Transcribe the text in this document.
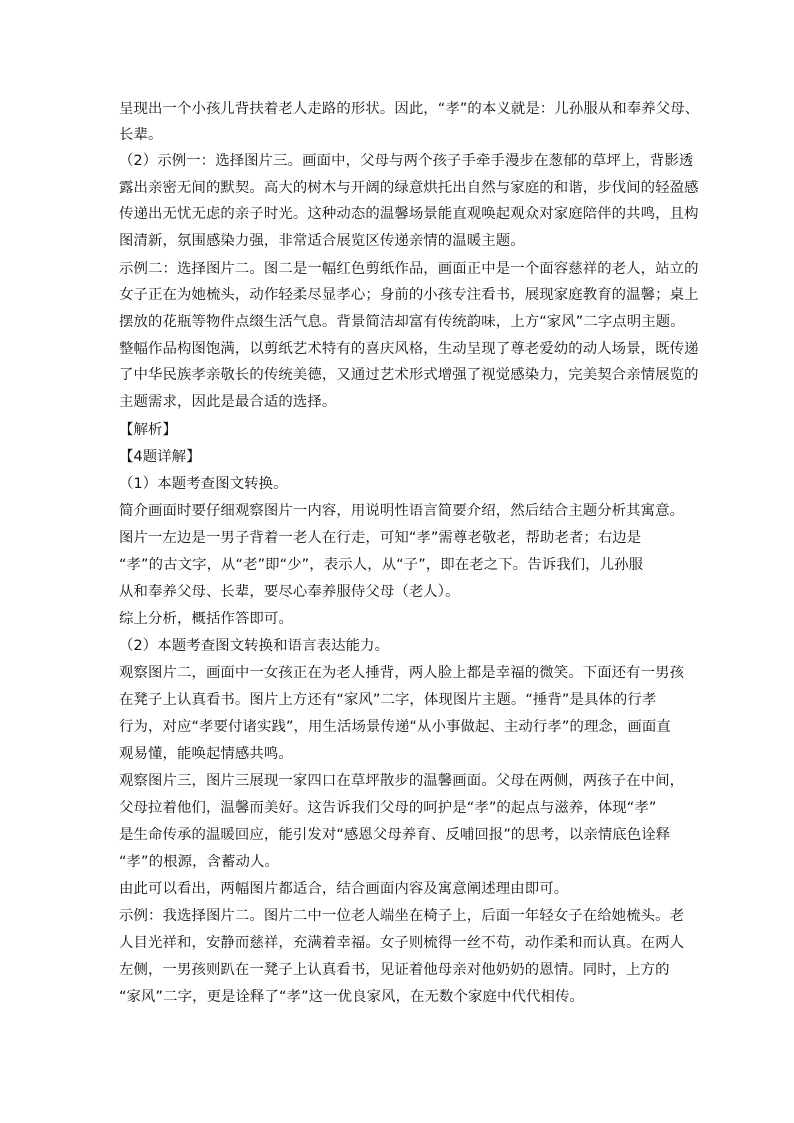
呈现出一个小孩儿背扶着老人走路的形状。因此，“孝”的本义就是：儿孙服从和奉养父母、
长辈。
（2）示例一：选择图片三。画面中，父母与两个孩子手牵手漫步在葱郁的草坪上，背影透
露出亲密无间的默契。高大的树木与开阔的绿意烘托出自然与家庭的和谐，步伐间的轻盈感
传递出无忧无虑的亲子时光。这种动态的温馨场景能直观唤起观众对家庭陪伴的共鸣，且构
图清新，氛围感染力强，非常适合展览区传递亲情的温暖主题。
示例二：选择图片二。图二是一幅红色剪纸作品，画面正中是一个面容慈祥的老人，站立的
女子正在为她梳头，动作轻柔尽显孝心；身前的小孩专注看书，展现家庭教育的温馨；桌上
摆放的花瓶等物件点缀生活气息。背景简洁却富有传统韵味，上方“家风”二字点明主题。
整幅作品构图饱满，以剪纸艺术特有的喜庆风格，生动呈现了尊老爱幼的动人场景，既传递
了中华民族孝亲敬长的传统美德，又通过艺术形式增强了视觉感染力，完美契合亲情展览的
主题需求，因此是最合适的选择。
【解析】
【4题详解】
（1）本题考查图文转换。
简介画面时要仔细观察图片一内容，用说明性语言简要介绍，然后结合主题分析其寓意。
图片一左边是一男子背着一老人在行走，可知“孝”需尊老敬老，帮助老者；右边是
“孝”的古文字，从“老”即“少”，表示人，从“子”，即在老之下。告诉我们，儿孙服
从和奉养父母、长辈，要尽心奉养服侍父母（老人）。
综上分析，概括作答即可。
（2）本题考查图文转换和语言表达能力。
观察图片二，画面中一女孩正在为老人捶背，两人脸上都是幸福的微笑。下面还有一男孩
在凳子上认真看书。图片上方还有“家风”二字，体现图片主题。“捶背”是具体的行孝
行为，对应“孝要付诸实践”，用生活场景传递“从小事做起、主动行孝”的理念，画面直
观易懂，能唤起情感共鸣。
观察图片三，图片三展现一家四口在草坪散步的温馨画面。父母在两侧，两孩子在中间，
父母拉着他们，温馨而美好。这告诉我们父母的呵护是“孝”的起点与滋养，体现“孝”
是生命传承的温暖回应，能引发对“感恩父母养育、反哺回报”的思考，以亲情底色诠释
“孝”的根源，含蓄动人。
由此可以看出，两幅图片都适合，结合画面内容及寓意阐述理由即可。
示例：我选择图片二。图片二中一位老人端坐在椅子上，后面一年轻女子在给她梳头。老
人目光祥和，安静而慈祥，充满着幸福。女子则梳得一丝不苟，动作柔和而认真。在两人
左侧，一男孩则趴在一凳子上认真看书，见证着他母亲对他奶奶的恩情。同时，上方的
“家风”二字，更是诠释了“孝”这一优良家风，在无数个家庭中代代相传。
